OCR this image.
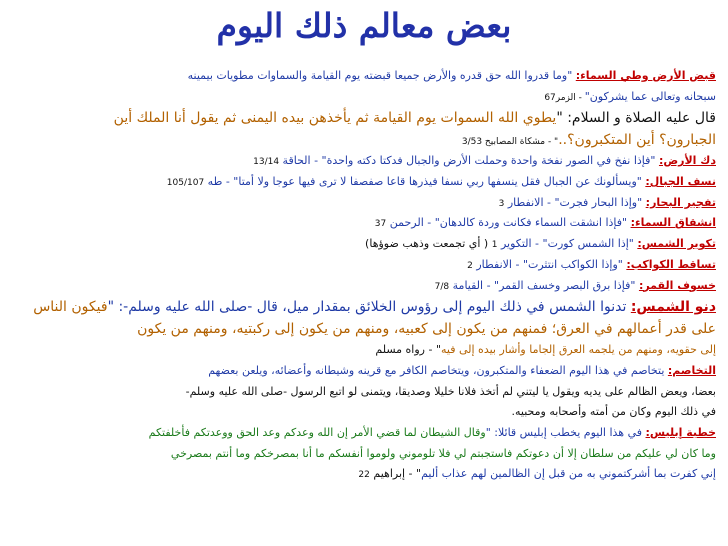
بعض معالم ذلك اليوم
قبض الأرض وطي السماء: "وما قدروا الله حق قدره والأرض جميعا قبضته يوم القيامة والسماوات مطويات بيمينه
سبحانه وتعالى عما يشركون" - الزمر67
قال عليه الصلاة و السلام: "يطوي الله السموات يوم القيامة ثم يأخذهن بيده اليمنى ثم يقول أنا الملك أين
الجبارون؟ أين المتكبرون؟.." - مشكاة المصابيح 3/53
دك الأرض: "فإذا نفخ في الصور نفخة واحدة وحملت الأرض والجبال فدكتا دكته واحدة" - الحاقة 13/14
نسف الجبال: "ويسألونك عن الجبال فقل ينسفها ربي نسفا فيذرها قاعا صفصفا لا ترى فيها عوجا ولا أمتا" - طه 105/107
تفجير البحار: "وإذا البحار فجرت" - الانفطار 3
انشقاق السماء: "فإذا انشقت السماء فكانت وردة كالدهان" - الرحمن 37
تكوير الشمس: "إذا الشمس كورت" - التكوير 1 ( أي تجمعت وذهب ضوؤها)
تساقط الكواكب: "وإذا الكواكب انتثرت" - الانفطار 2
خسوف القمر: "فإذا برق البصر وخسف القمر" - القيامة 7/8
دنو الشمس: تدنوا الشمس في ذلك اليوم إلى رؤوس الخلائق بمقدار ميل، قال -صلى الله عليه وسلم-: "فيكون الناس
على قدر أعمالهم في العرق؛ فمنهم من يكون إلى كعبيه، ومنهم من يكون إلى ركبتيه، ومنهم من يكون
إلى حقويه، ومنهم من يلجمه العرق إلجاما وأشار بيده إلى فيه" - رواه مسلم
التخاصم: يتخاصم في هذا اليوم الضعفاء والمتكبرون، ويتخاصم الكافر مع قرينه وشيطانه وأعضائه، ويلعن بعضهم
بعضا، ويعض الظالم على يديه ويقول يا ليتني لم أتخذ فلانا خليلا وصديقا، ويتمنى لو اتبع الرسول -صلى الله عليه وسلم-
في ذلك اليوم وكان من أمته وأصحابه ومحبيه.
خطبة إبليس: في هذا اليوم يخطب إبليس قائلا: "وقال الشيطان لما قضي الأمر إن الله وعدكم وعد الحق ووعدتكم فأخلفتكم
وما كان لي عليكم من سلطان إلا أن دعوتكم فاستجبتم لي فلا تلوموني ولوموا أنفسكم ما أنا بمصرخكم وما أنتم بمصرخي
إني كفرت بما أشركتموني به من قبل إن الظالمين لهم عذاب أليم" - إبراهيم 22
